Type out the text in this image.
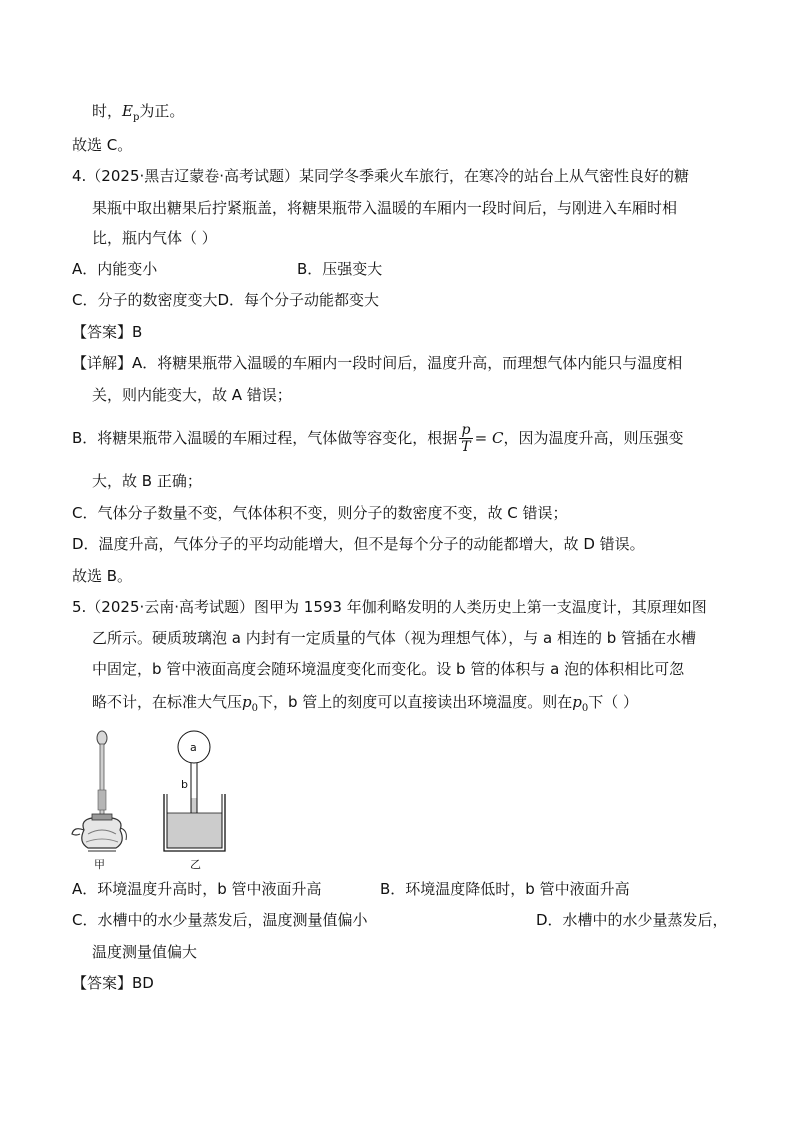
时，$E_p$为正。
故选 C。
4.（2025·黑吉辽蒙卷·高考试题）某同学冬季乘火车旅行，在寒冷的站台上从气密性良好的糖
果瓶中取出糖果后拧紧瓶盖，将糖果瓶带入温暖的车厢内一段时间后，与刚进入车厢时相
比，瓶内气体（ ）
A．内能变小	B．压强变大
C．分子的数密度变大D．每个分子动能都变大
【答案】B
【详解】A．将糖果瓶带入温暖的车厢内一段时间后，温度升高，而理想气体内能只与温度相
关，则内能变大，故 A 错误；
B．将糖果瓶带入温暖的车厢过程，气体做等容变化，根据 $\frac{p}{T} = C$，因为温度升高，则压强变
大，故 B 正确；
C．气体分子数量不变，气体体积不变，则分子的数密度不变，故 C 错误；
D．温度升高，气体分子的平均动能增大，但不是每个分子的动能都增大，故 D 错误。
故选 B。
5.（2025·云南·高考试题）图甲为 1593 年伽利略发明的人类历史上第一支温度计，其原理如图
乙所示。硬质玻璃泡 a 内封有一定质量的气体（视为理想气体），与 a 相连的 b 管插在水槽
中固定，b 管中液面高度会随环境温度变化而变化。设 b 管的体积与 a 泡的体积相比可忽
略不计，在标准大气压$p_0$下，b 管上的刻度可以直接读出环境温度。则在$p_0$下（ ）
甲
a
b
乙
A．环境温度升高时，b 管中液面升高	B．环境温度降低时，b 管中液面升高
C．水槽中的水少量蒸发后，温度测量值偏小	D．水槽中的水少量蒸发后，
温度测量值偏大
【答案】BD
